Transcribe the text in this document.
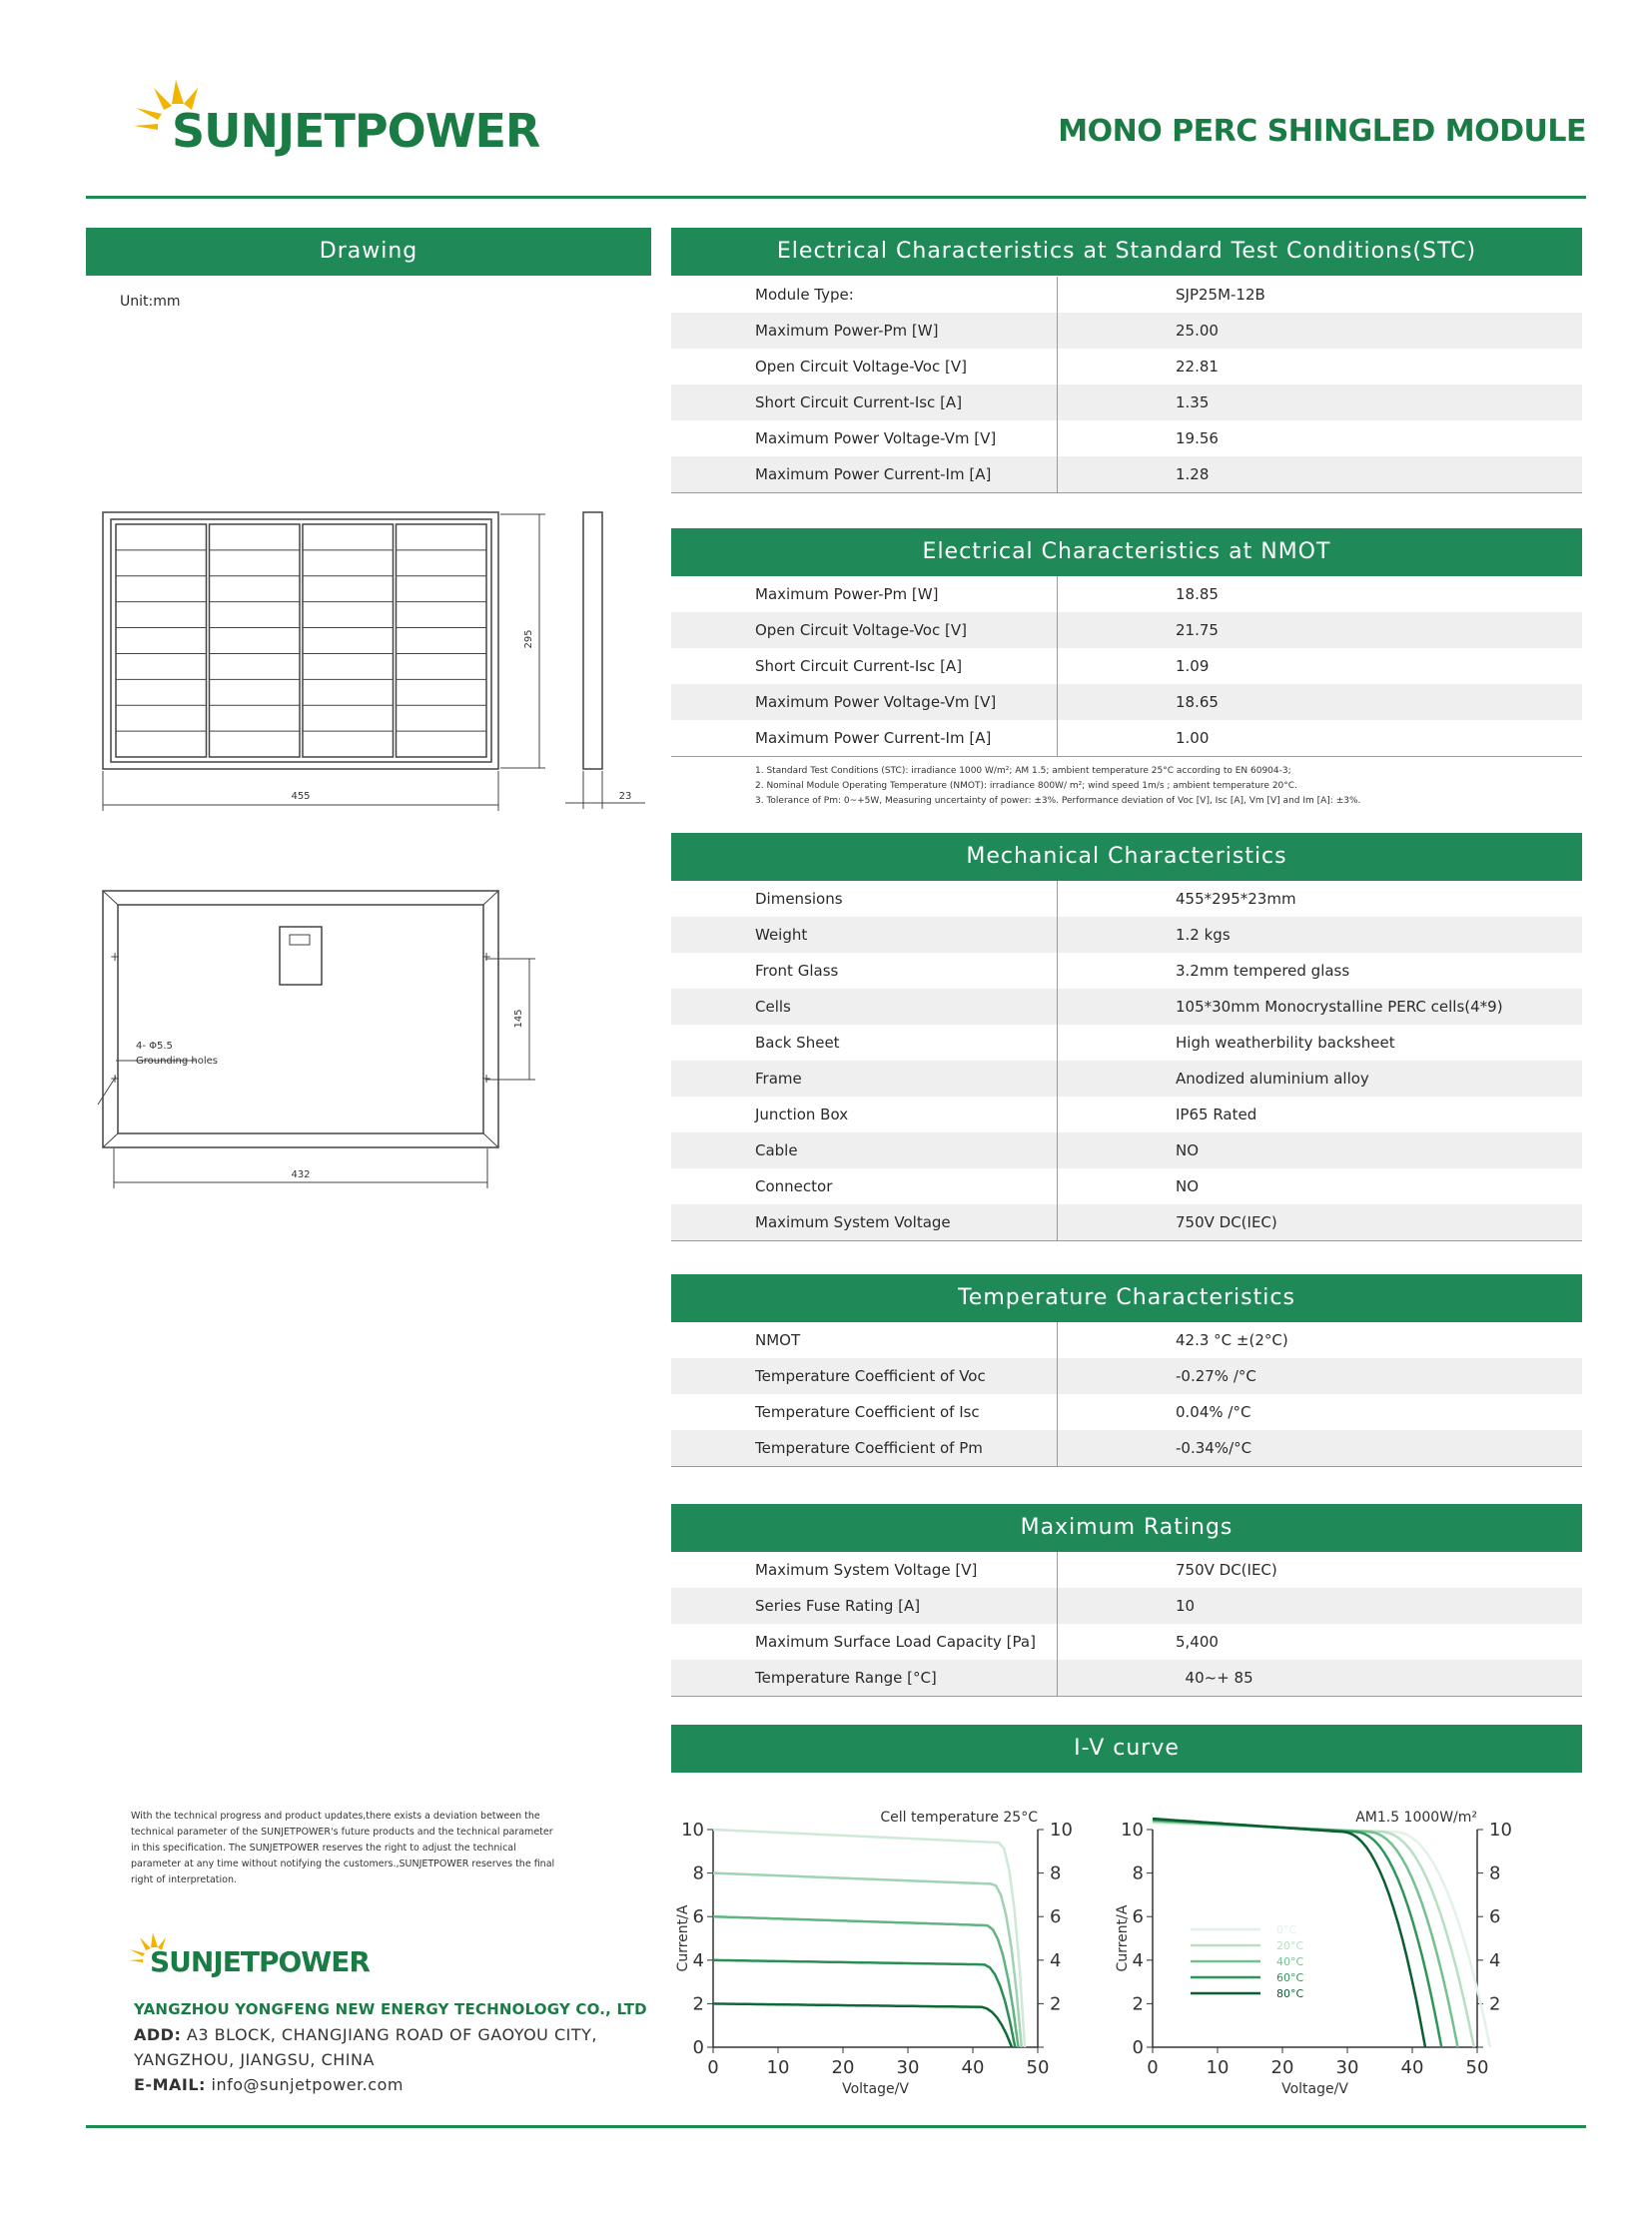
SUNJETPOWER	MONO PERC SHINGLED MODULE
Drawing
Unit:mm
295
455	23
+	+
+	+
145
432
4- Φ5.5
Grounding holes
Electrical Characteristics at Standard Test Conditions(STC)
Module Type:	SJP25M-12B
Maximum Power-Pm [W]	25.00
Open Circuit Voltage-Voc [V]	22.81
Short Circuit Current-Isc [A]	1.35
Maximum Power Voltage-Vm [V]	19.56
Maximum Power Current-Im [A]	1.28
Electrical Characteristics at NMOT
Maximum Power-Pm [W]	18.85
Open Circuit Voltage-Voc [V]	21.75
Short Circuit Current-Isc [A]	1.09
Maximum Power Voltage-Vm [V]	18.65
Maximum Power Current-Im [A]	1.00
1. Standard Test Conditions (STC): irradiance 1000 W/m²; AM 1.5; ambient temperature 25°C according to EN 60904-3;
2. Nominal Module Operating Temperature (NMOT): irradiance 800W/ m²; wind speed 1m/s ; ambient temperature 20°C.
3. Tolerance of Pm: 0~+5W, Measuring uncertainty of power: ±3%. Performance deviation of Voc [V], Isc [A], Vm [V] and Im [A]: ±3%.
Mechanical Characteristics
Dimensions	455*295*23mm
Weight	1.2 kgs
Front Glass	3.2mm tempered glass
Cells	105*30mm Monocrystalline PERC cells(4*9)
Back Sheet	High weatherbility backsheet
Frame	Anodized aluminium alloy
Junction Box	IP65 Rated
Cable	NO
Connector	NO
Maximum System Voltage	750V DC(IEC)
Temperature Characteristics
NMOT	42.3 °C ±(2°C)
Temperature Coefficient of Voc	-0.27% /°C
Temperature Coefficient of Isc	0.04% /°C
Temperature Coefficient of Pm	-0.34%/°C
Maximum Ratings
Maximum System Voltage [V]	750V DC(IEC)
Series Fuse Rating [A]	10
Maximum Surface Load Capacity [Pa]	5,400
Temperature Range [°C]	40~+ 85
I-V curve
Cell temperature 25°C
0
2	2
4	4
6	6
8	8
10	10
0	10 20 30 40 50
Voltage/V
Current/A
AM1.5 1000W/m²
0
2	2
4	4
6	6
8	8
10	10
0	10 20 30 40 50
Voltage/V
Current/A	0°C
20°C
40°C
60°C
80°C
With the technical progress and product updates,there exists a deviation between the
technical parameter of the SUNJETPOWER's future products and the technical parameter
in this specification. The SUNJETPOWER reserves the right to adjust the technical
parameter at any time without notifying the customers.,SUNJETPOWER reserves the final
right of interpretation.
SUNJETPOWER
YANGZHOU YONGFENG NEW ENERGY TECHNOLOGY CO., LTD
ADD: A3 BLOCK, CHANGJIANG ROAD OF GAOYOU CITY,
YANGZHOU, JIANGSU, CHINA
E-MAIL: info@sunjetpower.com
